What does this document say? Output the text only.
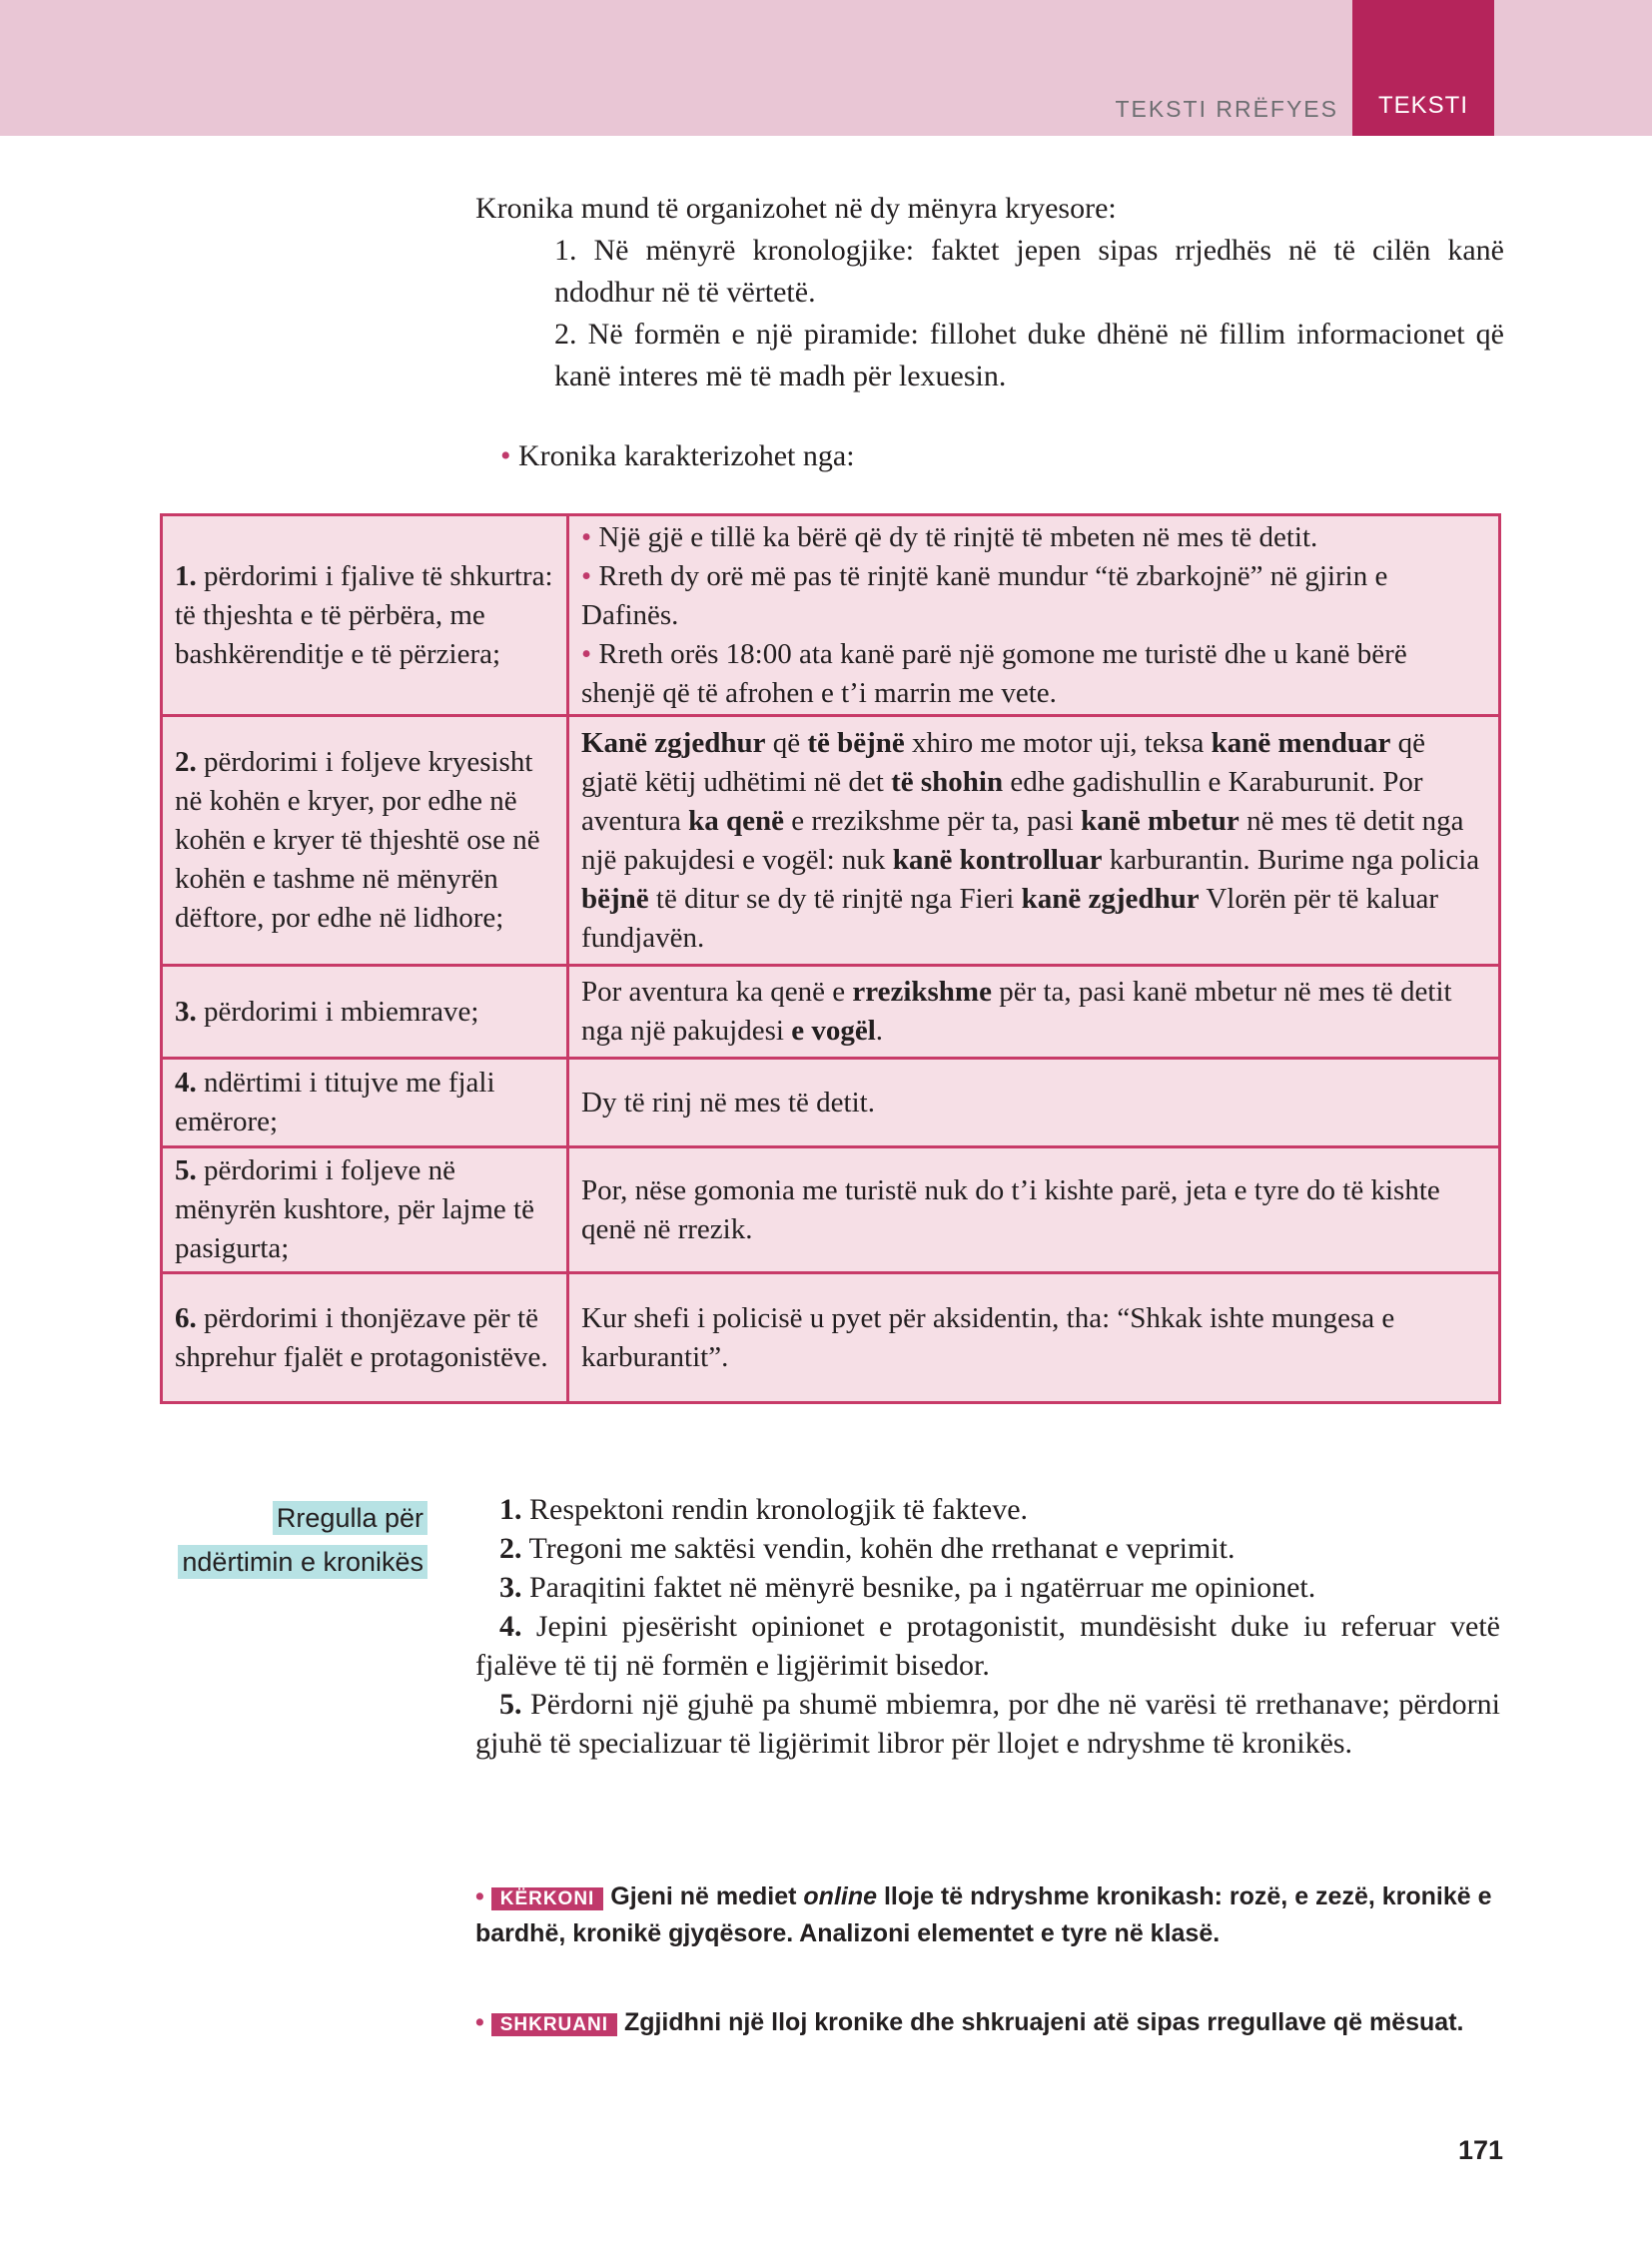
TEKSTI RRËFYES	TEKSTI

Kronika mund të organizohet në dy mënyra kryesore:

1. Në mënyrë kronologjike: faktet jepen sipas rrjedhës në të cilën kanë ndodhur në të vërtetë.

2. Në formën e një piramide: fillohet duke dhënë në fillim informacionet që kanë interes më të madh për lexuesin.

• Kronika karakterizohet nga:
1. përdorimi i fjalive të shkurtra: të thjeshta e të përbëra, me bashkërenditje e të përziera;	• Një gjë e tillë ka bërë që dy të rinjtë të mbeten në mes të detit.
• Rreth dy orë më pas të rinjtë kanë mundur “të zbarkojnë” në gjirin e Dafinës.
• Rreth orës 18:00 ata kanë parë një gomone me turistë dhe u kanë bërë shenjë që të afrohen e t’i marrin me vete.
2. përdorimi i foljeve kryesisht në kohën e kryer, por edhe në kohën e kryer të thjeshtë ose në kohën e tashme në mënyrën dëftore, por edhe në lidhore;	Kanë zgjedhur që të bëjnë xhiro me motor uji, teksa kanë menduar që gjatë këtij udhëtimi në det të shohin edhe gadishullin e Karaburunit. Por aventura ka qenë e rrezikshme për ta, pasi kanë mbetur në mes të detit nga një pakujdesi e vogël: nuk kanë kontrolluar karburantin. Burime nga policia bëjnë të ditur se dy të rinjtë nga Fieri kanë zgjedhur Vlorën për të kaluar fundjavën.
3. përdorimi i mbiemrave;	Por aventura ka qenë e rrezikshme për ta, pasi kanë mbetur në mes të detit nga një pakujdesi e vogël.
4. ndërtimi i titujve me fjali emërore;	Dy të rinj në mes të detit.
5. përdorimi i foljeve në mënyrën kushtore, për lajme të pasigurta;	Por, nëse gomonia me turistë nuk do t’i kishte parë, jeta e tyre do të kishte qenë në rrezik.
6. përdorimi i thonjëzave për të shprehur fjalët e protagonistëve.	Kur shefi i policisë u pyet për aksidentin, tha: “Shkak ishte mungesa e karburantit”.
Rregulla për
ndërtimin e kronikës

1. Respektoni rendin kronologjik të fakteve.

2. Tregoni me saktësi vendin, kohën dhe rrethanat e veprimit.

3. Paraqitini faktet në mënyrë besnike, pa i ngatërruar me opinionet.

4. Jepini pjesërisht opinionet e protagonistit, mundësisht duke iu referuar vetë fjalëve të tij në formën e ligjërimit bisedor.

5. Përdorni një gjuhë pa shumë mbiemra, por dhe në varësi të rrethanave; përdorni gjuhë të specializuar të ligjërimit libror për llojet e ndryshme të kronikës.

• KËRKONI Gjeni në mediet online lloje të ndryshme kronikash: rozë, e zezë, kronikë e bardhë, kronikë gjyqësore. Analizoni elementet e tyre në klasë.
• SHKRUANI Zgjidhni një lloj kronike dhe shkruajeni atë sipas rregullave që mësuat.
171
